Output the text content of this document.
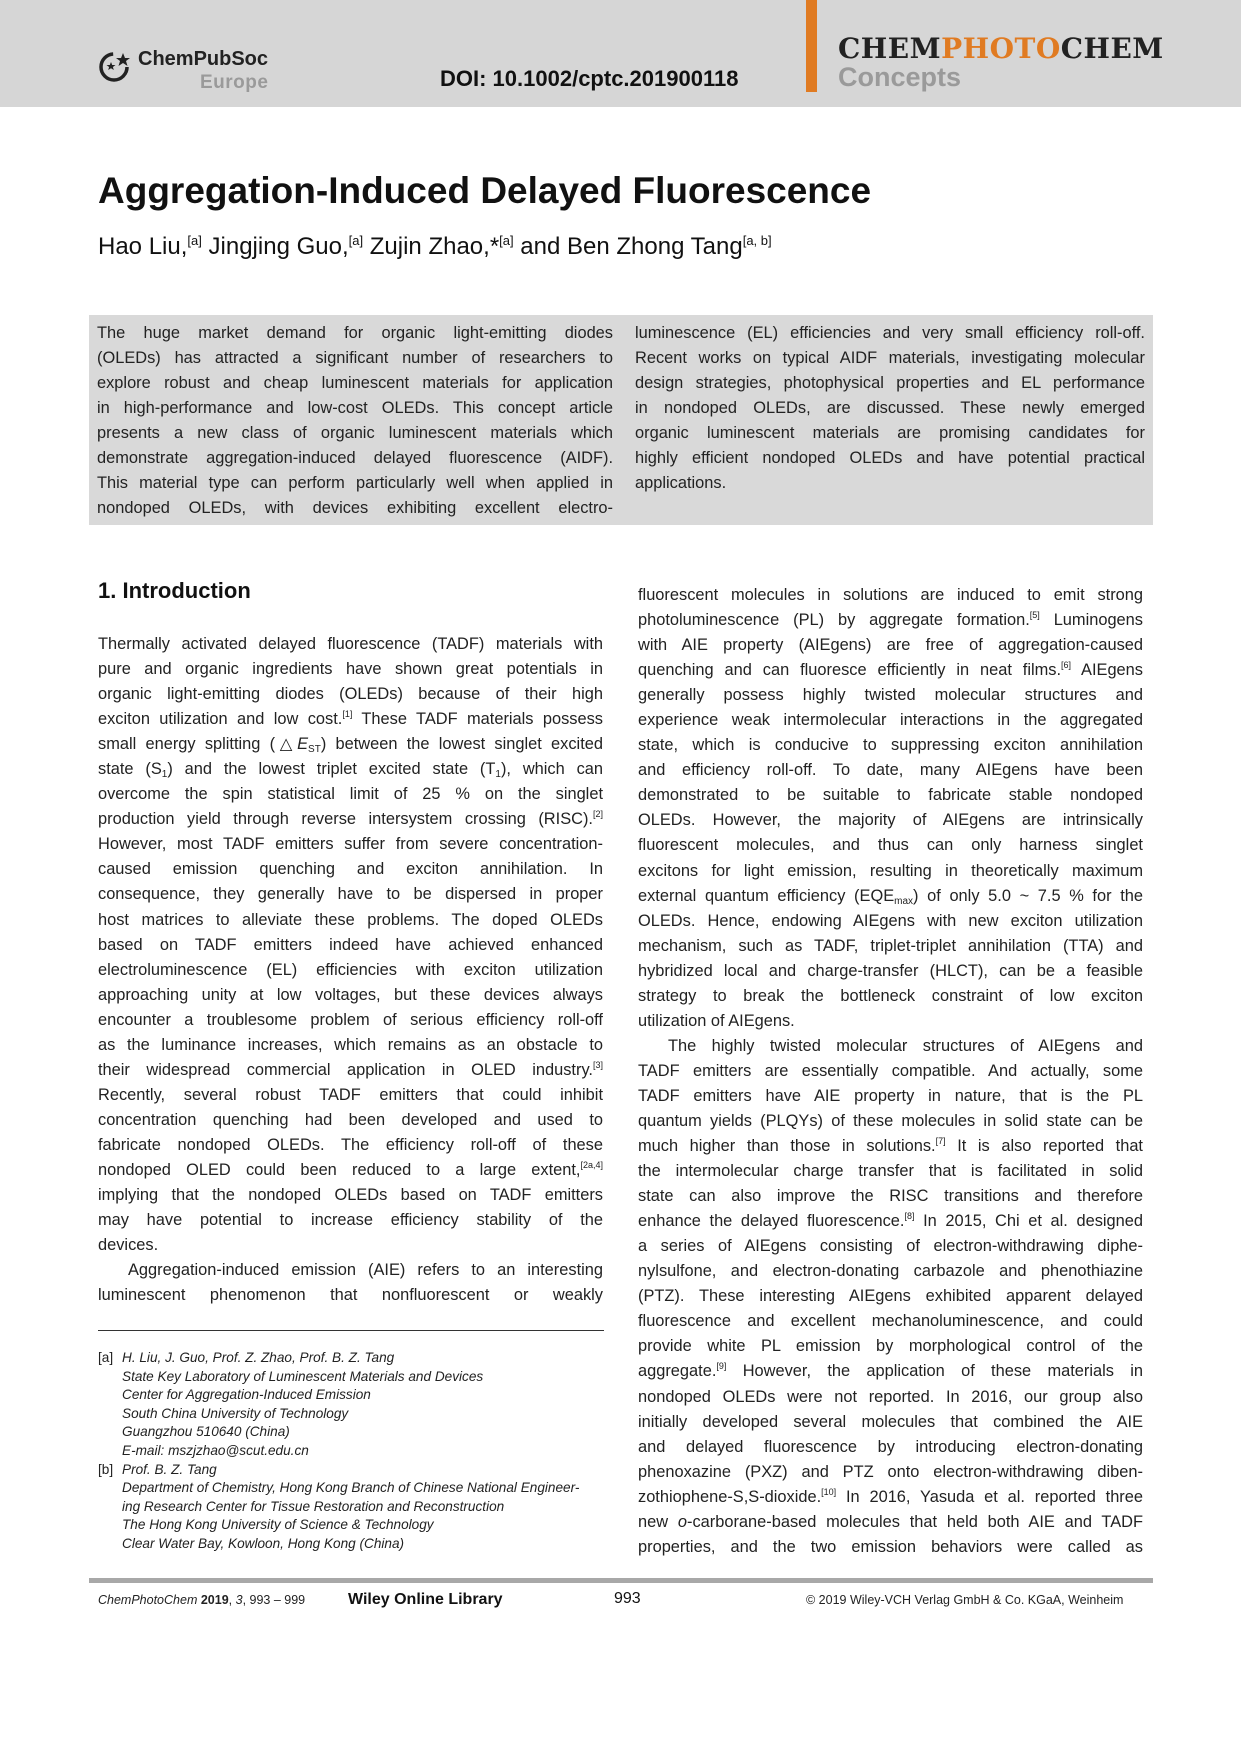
ChemPubSoc
Europe	DOI: 10.1002/cptc.201900118
CHEMPHOTOCHEM
Concepts
Aggregation-Induced Delayed Fluorescence
Hao Liu,[a] Jingjing Guo,[a] Zujin Zhao,*[a] and Ben Zhong Tang[a, b]
The huge market demand for organic light-emitting diodes
(OLEDs) has attracted a significant number of researchers to
explore robust and cheap luminescent materials for application
in high-performance and low-cost OLEDs. This concept article
presents a new class of organic luminescent materials which
demonstrate aggregation-induced delayed fluorescence (AIDF).
This material type can perform particularly well when applied in
nondoped OLEDs, with devices exhibiting excellent electro-
luminescence (EL) efficiencies and very small efficiency roll-off.
Recent works on typical AIDF materials, investigating molecular
design strategies, photophysical properties and EL performance
in nondoped OLEDs, are discussed. These newly emerged
organic luminescent materials are promising candidates for
highly efficient nondoped OLEDs and have potential practical
applications.
1. Introduction
Thermally activated delayed fluorescence (TADF) materials with
pure and organic ingredients have shown great potentials in
organic light-emitting diodes (OLEDs) because of their high
exciton utilization and low cost.[1] These TADF materials possess
small energy splitting $(\triangle E_{ST})$ between the lowest singlet excited
state $(S_1)$ and the lowest triplet excited state $(T_1)$, which can
overcome the spin statistical limit of 25 % on the singlet
production yield through reverse intersystem crossing (RISC).[2]
However, most TADF emitters suffer from severe concentration-
caused emission quenching and exciton annihilation. In
consequence, they generally have to be dispersed in proper
host matrices to alleviate these problems. The doped OLEDs
based on TADF emitters indeed have achieved enhanced
electroluminescence (EL) efficiencies with exciton utilization
approaching unity at low voltages, but these devices always
encounter a troublesome problem of serious efficiency roll-off
as the luminance increases, which remains as an obstacle to
their widespread commercial application in OLED industry.[3]
Recently, several robust TADF emitters that could inhibit
concentration quenching had been developed and used to
fabricate nondoped OLEDs. The efficiency roll-off of these
nondoped OLED could been reduced to a large extent,[2a,4]
implying that the nondoped OLEDs based on TADF emitters
may have potential to increase efficiency stability of the
devices.
Aggregation-induced emission (AIE) refers to an interesting
luminescent phenomenon that nonfluorescent or weakly
fluorescent molecules in solutions are induced to emit strong
photoluminescence (PL) by aggregate formation.[5] Luminogens
with AIE property (AIEgens) are free of aggregation-caused
quenching and can fluoresce efficiently in neat films.[6] AIEgens
generally possess highly twisted molecular structures and
experience weak intermolecular interactions in the aggregated
state, which is conducive to suppressing exciton annihilation
and efficiency roll-off. To date, many AIEgens have been
demonstrated to be suitable to fabricate stable nondoped
OLEDs. However, the majority of AIEgens are intrinsically
fluorescent molecules, and thus can only harness singlet
excitons for light emission, resulting in theoretically maximum
external quantum efficiency $(EQE_{max})$ of only 5.0 ~ 7.5 % for the
OLEDs. Hence, endowing AIEgens with new exciton utilization
mechanism, such as TADF, triplet-triplet annihilation (TTA) and
hybridized local and charge-transfer (HLCT), can be a feasible
strategy to break the bottleneck constraint of low exciton
utilization of AIEgens.
The highly twisted molecular structures of AIEgens and
TADF emitters are essentially compatible. And actually, some
TADF emitters have AIE property in nature, that is the PL
quantum yields (PLQYs) of these molecules in solid state can be
much higher than those in solutions.[7] It is also reported that
the intermolecular charge transfer that is facilitated in solid
state can also improve the RISC transitions and therefore
enhance the delayed fluorescence.[8] In 2015, Chi et al. designed
a series of AIEgens consisting of electron-withdrawing diphe-
nylsulfone, and electron-donating carbazole and phenothiazine
(PTZ). These interesting AIEgens exhibited apparent delayed
fluorescence and excellent mechanoluminescence, and could
provide white PL emission by morphological control of the
aggregate.[9] However, the application of these materials in
nondoped OLEDs were not reported. In 2016, our group also
initially developed several molecules that combined the AIE
and delayed fluorescence by introducing electron-donating
phenoxazine (PXZ) and PTZ onto electron-withdrawing diben-
zothiophene-S,S-dioxide.[10] In 2016, Yasuda et al. reported three
new o-carborane-based molecules that held both AIE and TADF
properties, and the two emission behaviors were called as
[a] H. Liu, J. Guo, Prof. Z. Zhao, Prof. B. Z. Tang
State Key Laboratory of Luminescent Materials and Devices
Center for Aggregation-Induced Emission
South China University of Technology
Guangzhou 510640 (China)
E-mail: mszjzhao@scut.edu.cn
[b] Prof. B. Z. Tang
Department of Chemistry, Hong Kong Branch of Chinese National Engineer-
ing Research Center for Tissue Restoration and Reconstruction
The Hong Kong University of Science & Technology
Clear Water Bay, Kowloon, Hong Kong (China)
ChemPhotoChem 2019, 3, 993 – 999	Wiley Online Library	993	© 2019 Wiley-VCH Verlag GmbH & Co. KGaA, Weinheim
